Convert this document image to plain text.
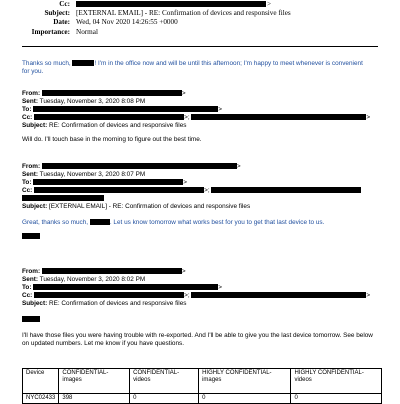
Cc:	>
Subject: [EXTERNAL EMAIL] - RE: Confirmation of devices and responsive files
Date: Wed, 04 Nov 2020 14:26:55 +0000
Importance: Normal
Thanks so much,	! I'm in the office now and will be until this afternoon; I'm happy to meet whenever is convenient
for you.
From:	>
Sent: Tuesday, November 3, 2020 8:08 PM
To:	>
Cc:	>;	>
Subject: RE: Confirmation of devices and responsive files
Will do. I'll touch base in the morning to figure out the best time.
From:	>
Sent: Tuesday, November 3, 2020 8:07 PM
To:	>
Cc:	>;
Subject: [EXTERNAL EMAIL] - RE: Confirmation of devices and responsive files
Great, thanks so much,	. Let us know tomorrow what works best for you to get that last device to us.
From:	>
Sent: Tuesday, November 3, 2020 8:02 PM
To:	>
Cc:	>;	>
Subject: RE: Confirmation of devices and responsive files
I'll have those files you were having trouble with re-exported. And I'll be able to give you the last device tomorrow. See below on updated numbers. Let me know if you have questions.
Device	CONFIDENTIAL-images	CONFIDENTIAL-videos	HIGHLY CONFIDENTIAL-images	HIGHLY CONFIDENTIAL-videos
NYC02433	398	0	0	0
